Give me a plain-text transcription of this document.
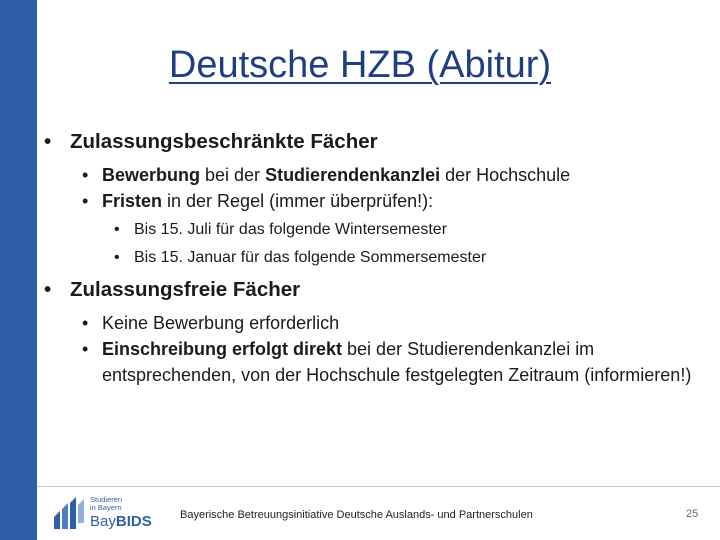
Deutsche HZB (Abitur)
• Zulassungsbeschränkte Fächer
• Bewerbung bei der Studierendenkanzlei der Hochschule
• Fristen in der Regel (immer überprüfen!):
• Bis 15. Juli für das folgende Wintersemester
• Bis 15. Januar für das folgende Sommersemester
• Zulassungsfreie Fächer
• Keine Bewerbung erforderlich
• Einschreibung erfolgt direkt bei der Studierendenkanzlei im entsprechenden, von der Hochschule festgelegten Zeitraum (informieren!)
Studieren
in Bayern
BayBIDS	Bayerische Betreuungsinitiative Deutsche Auslands- und Partnerschulen	25
